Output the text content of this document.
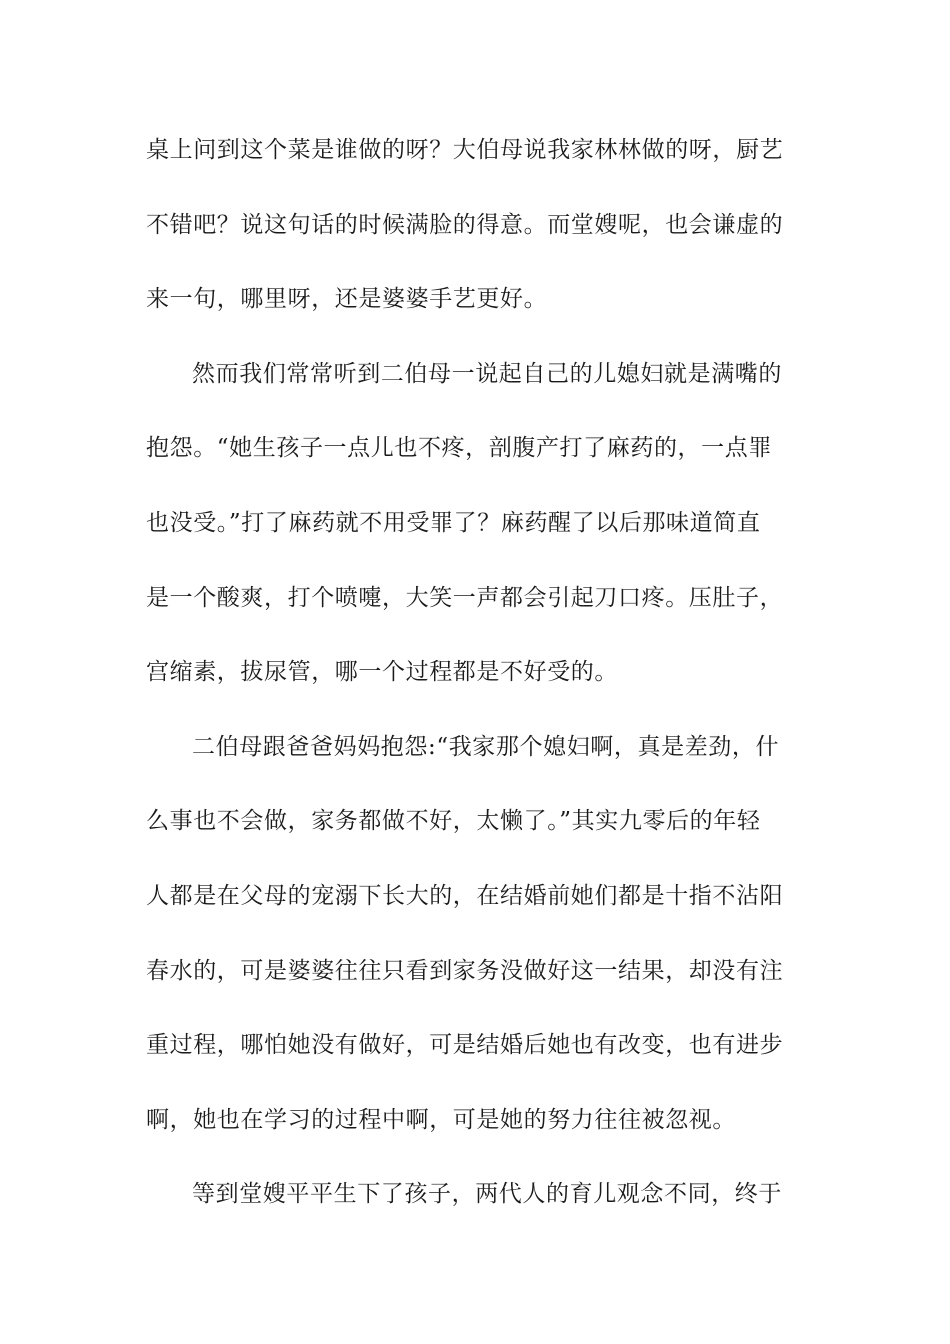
桌上问到这个菜是谁做的呀？大伯母说我家林林做的呀，厨艺
不错吧？说这句话的时候满脸的得意。而堂嫂呢，也会谦虚的
来一句，哪里呀，还是婆婆手艺更好。
然而我们常常听到二伯母一说起自己的儿媳妇就是满嘴的
抱怨。“她生孩子一点儿也不疼，剖腹产打了麻药的，一点罪
也没受。”打了麻药就不用受罪了？麻药醒了以后那味道简直
是一个酸爽，打个喷嚏，大笑一声都会引起刀口疼。压肚子，
宫缩素，拔尿管，哪一个过程都是不好受的。
二伯母跟爸爸妈妈抱怨:“我家那个媳妇啊，真是差劲，什
么事也不会做，家务都做不好，太懒了。”其实九零后的年轻
人都是在父母的宠溺下长大的，在结婚前她们都是十指不沾阳
春水的，可是婆婆往往只看到家务没做好这一结果，却没有注
重过程，哪怕她没有做好，可是结婚后她也有改变，也有进步
啊，她也在学习的过程中啊，可是她的努力往往被忽视。
等到堂嫂平平生下了孩子，两代人的育儿观念不同，终于
